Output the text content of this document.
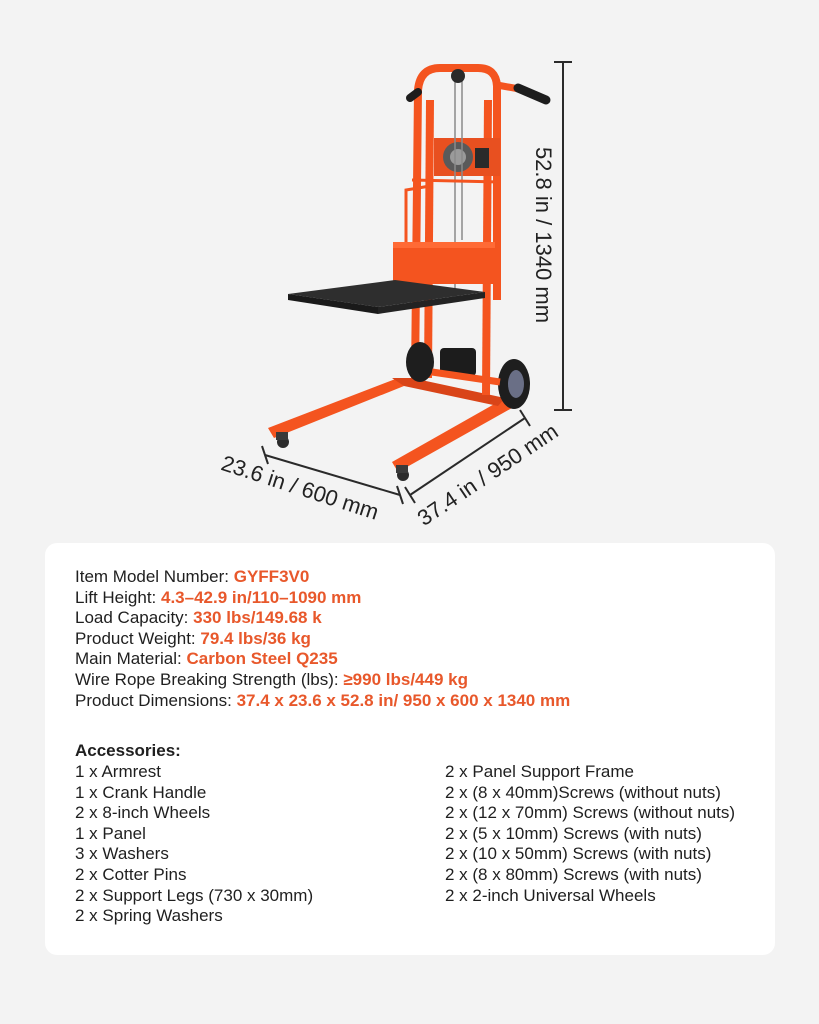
52.8 in / 1340 mm
23.6 in / 600 mm 37.4 in / 950 mm
Item Model Number: GYFF3V0
Lift Height: 4.3–42.9 in/110–1090 mm
Load Capacity: 330 lbs/149.68 k
Product Weight: 79.4 lbs/36 kg
Main Material: Carbon Steel Q235
Wire Rope Breaking Strength (lbs): ≥990 lbs/449 kg
Product Dimensions: 37.4 x 23.6 x 52.8 in/ 950 x 600 x 1340 mm
Accessories:
1 x Armrest
1 x Crank Handle
2 x 8-inch Wheels
1 x Panel
3 x Washers
2 x Cotter Pins
2 x Support Legs (730 x 30mm)
2 x Spring Washers
2 x Panel Support Frame
2 x (8 x 40mm)Screws (without nuts)
2 x (12 x 70mm) Screws (without nuts)
2 x (5 x 10mm) Screws (with nuts)
2 x (10 x 50mm) Screws (with nuts)
2 x (8 x 80mm) Screws (with nuts)
2 x 2-inch Universal Wheels
